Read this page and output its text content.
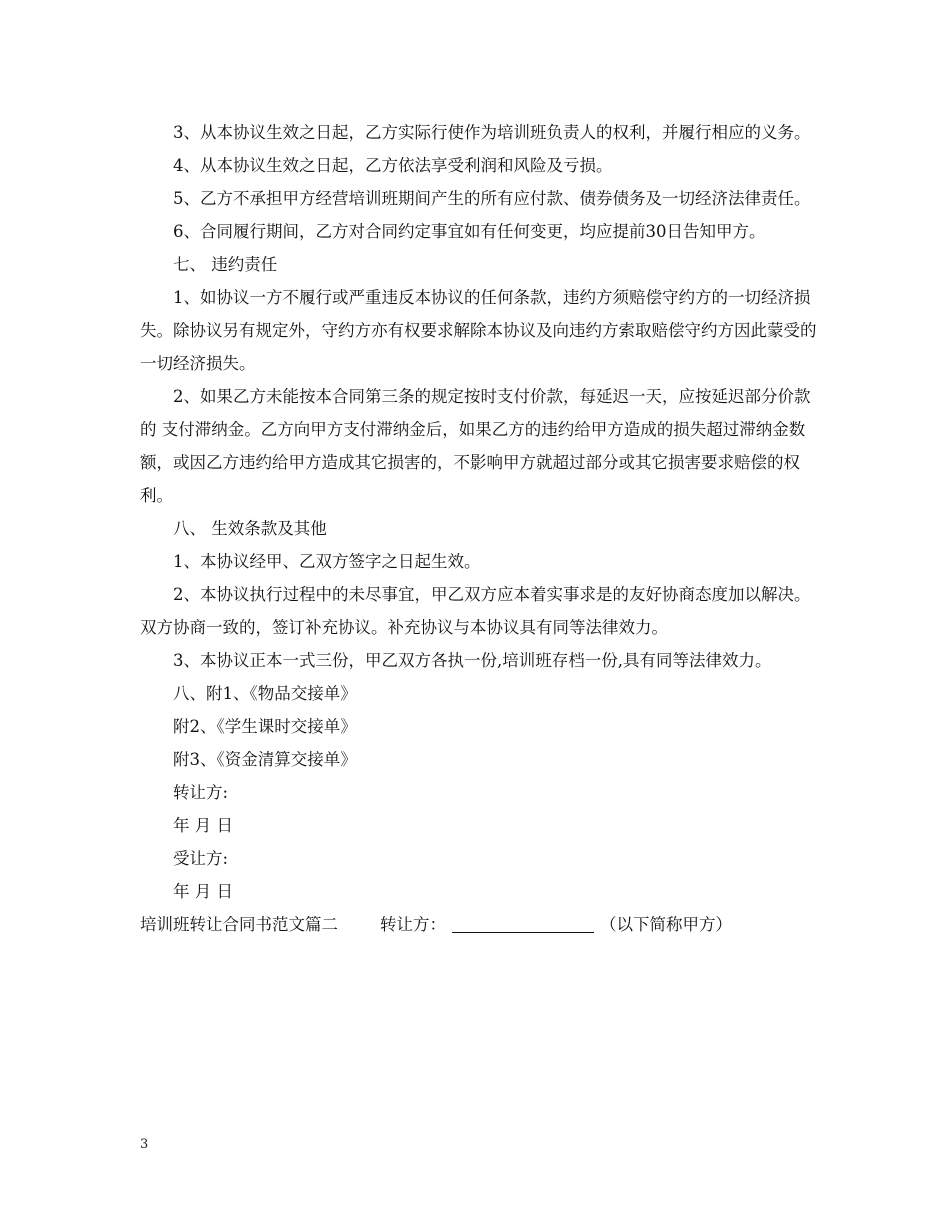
3、从本协议生效之日起，乙方实际行使作为培训班负责人的权利，并履行相应的义务。

4、从本协议生效之日起，乙方依法享受利润和风险及亏损。

5、乙方不承担甲方经营培训班期间产生的所有应付款、债券债务及一切经济法律责任。

6、合同履行期间，乙方对合同约定事宜如有任何变更，均应提前30日告知甲方。

七、 违约责任

1、如协议一方不履行或严重违反本协议的任何条款，违约方须赔偿守约方的一切经济损失。除协议另有规定外，守约方亦有权要求解除本协议及向违约方索取赔偿守约方因此蒙受的一切经济损失。

2、如果乙方未能按本合同第三条的规定按时支付价款，每延迟一天，应按延迟部分价款的 支付滞纳金。乙方向甲方支付滞纳金后，如果乙方的违约给甲方造成的损失超过滞纳金数额，或因乙方违约给甲方造成其它损害的，不影响甲方就超过部分或其它损害要求赔偿的权利。

八、 生效条款及其他

1、本协议经甲、乙双方签字之日起生效。

2、本协议执行过程中的未尽事宜，甲乙双方应本着实事求是的友好协商态度加以解决。双方协商一致的，签订补充协议。补充协议与本协议具有同等法律效力。

3、本协议正本一式三份，甲乙双方各执一份,培训班存档一份,具有同等法律效力。

八、附1、《物品交接单》

附2、《学生课时交接单》

附3、《资金清算交接单》

转让方:

年 月 日

受让方:

年 月 日

培训班转让合同书范文篇二	转让方：	（以下简称甲方）

3
